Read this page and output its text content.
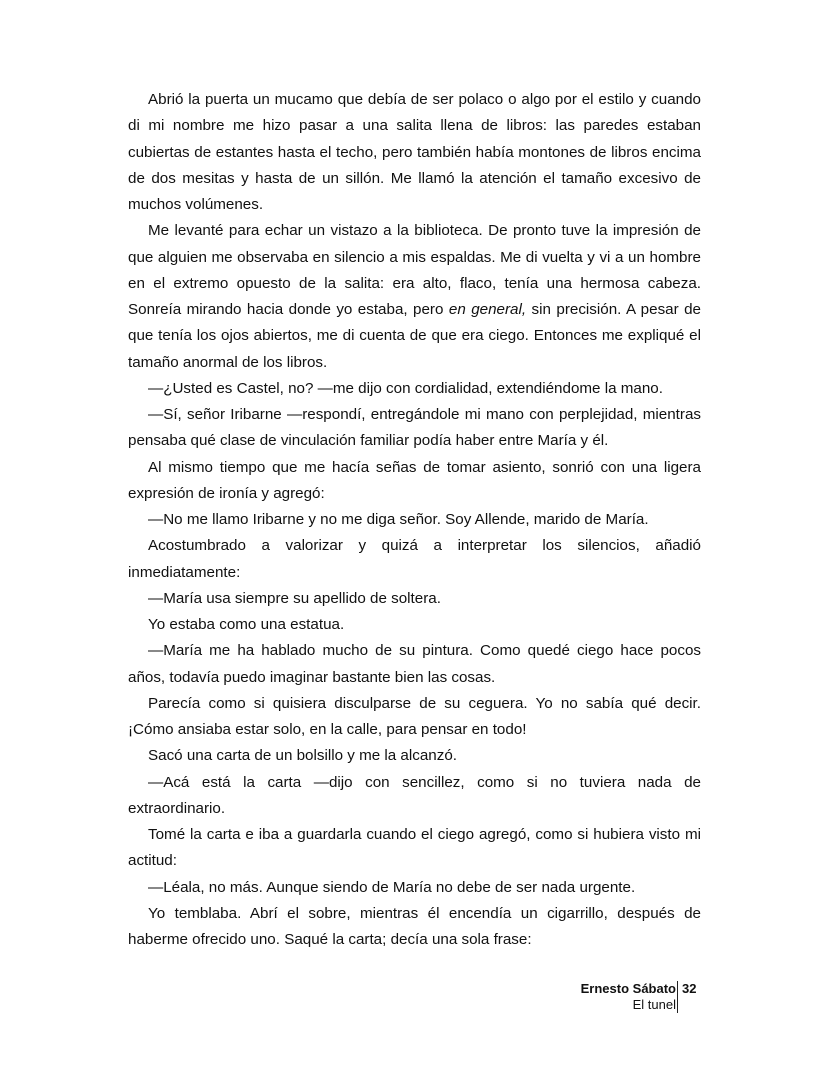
Abrió la puerta un mucamo que debía de ser polaco o algo por el estilo y cuando
di mi nombre me hizo pasar a una salita llena de libros: las paredes estaban
cubiertas de estantes hasta el techo, pero también había montones de libros encima
de dos mesitas y hasta de un sillón. Me llamó la atención el tamaño excesivo de
muchos volúmenes.
Me levanté para echar un vistazo a la biblioteca. De pronto tuve la impresión de
que alguien me observaba en silencio a mis espaldas. Me di vuelta y vi a un hombre
en el extremo opuesto de la salita: era alto, flaco, tenía una hermosa cabeza.
Sonreía mirando hacia donde yo estaba, pero en general, sin precisión. A pesar de
que tenía los ojos abiertos, me di cuenta de que era ciego. Entonces me expliqué el
tamaño anormal de los libros.
—¿Usted es Castel, no? —me dijo con cordialidad, extendiéndome la mano.
—Sí, señor Iribarne —respondí, entregándole mi mano con perplejidad, mientras
pensaba qué clase de vinculación familiar podía haber entre María y él.
Al mismo tiempo que me hacía señas de tomar asiento, sonrió con una ligera
expresión de ironía y agregó:
—No me llamo Iribarne y no me diga señor. Soy Allende, marido de María.
Acostumbrado a valorizar y quizá a interpretar los silencios, añadió
inmediatamente:
—María usa siempre su apellido de soltera.
Yo estaba como una estatua.
—María me ha hablado mucho de su pintura. Como quedé ciego hace pocos
años, todavía puedo imaginar bastante bien las cosas.
Parecía como si quisiera disculparse de su ceguera. Yo no sabía qué decir.
¡Cómo ansiaba estar solo, en la calle, para pensar en todo!
Sacó una carta de un bolsillo y me la alcanzó.
—Acá está la carta —dijo con sencillez, como si no tuviera nada de
extraordinario.
Tomé la carta e iba a guardarla cuando el ciego agregó, como si hubiera visto mi
actitud:
—Léala, no más. Aunque siendo de María no debe de ser nada urgente.
Yo temblaba. Abrí el sobre, mientras él encendía un cigarrillo, después de
haberme ofrecido uno. Saqué la carta; decía una sola frase:
Ernesto Sábato
El tunel
32
